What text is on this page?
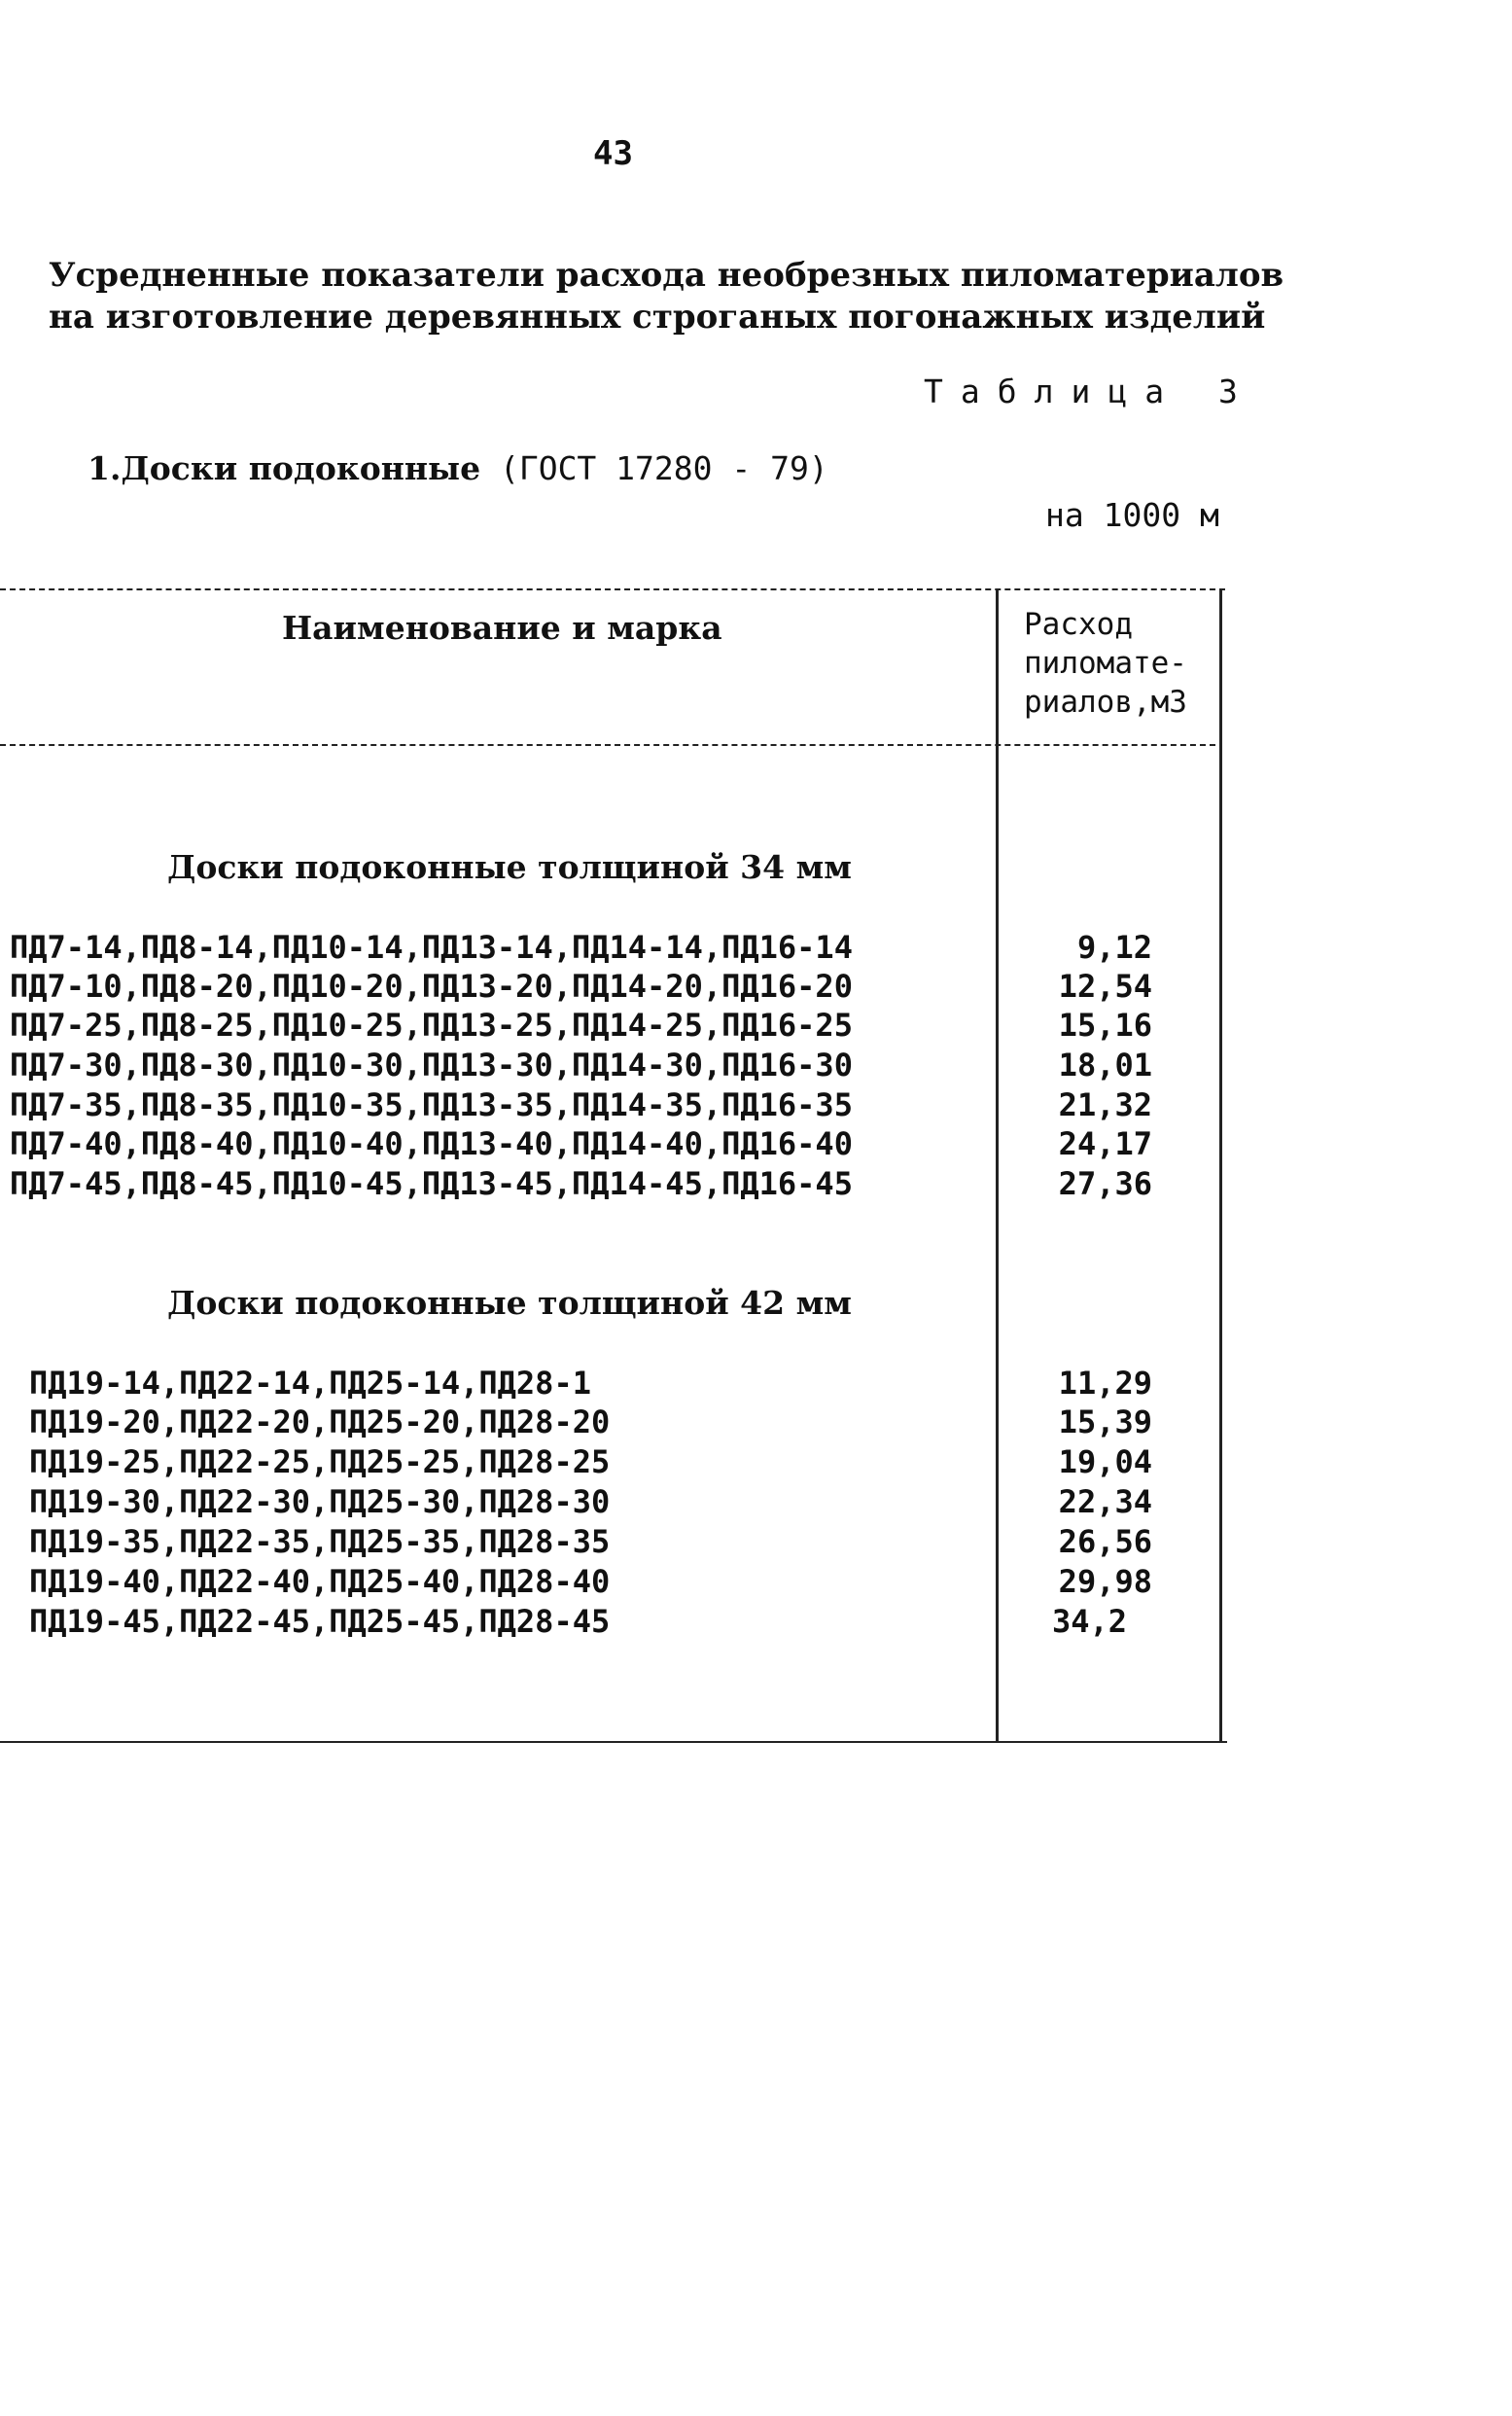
43
Усредненные показатели расхода необрезных пиломатериалов
на изготовление деревянных строганых погонажных изделий
Таблица 3
1.Доски подоконные (ГОСТ 17280 - 79)
на 1000 м
Наименование и марка	Расход
пиломате-
риалов,м3
Доски подоконные толщиной 34 мм
ПД7-14,ПД8-14,ПД10-14,ПД13-14,ПД14-14,ПД16-14	9,12
ПД7-10,ПД8-20,ПД10-20,ПД13-20,ПД14-20,ПД16-20	12,54
ПД7-25,ПД8-25,ПД10-25,ПД13-25,ПД14-25,ПД16-25	15,16
ПД7-30,ПД8-30,ПД10-30,ПД13-30,ПД14-30,ПД16-30	18,01
ПД7-35,ПД8-35,ПД10-35,ПД13-35,ПД14-35,ПД16-35	21,32
ПД7-40,ПД8-40,ПД10-40,ПД13-40,ПД14-40,ПД16-40	24,17
ПД7-45,ПД8-45,ПД10-45,ПД13-45,ПД14-45,ПД16-45	27,36
Доски подоконные толщиной 42 мм
ПД19-14,ПД22-14,ПД25-14,ПД28-1	11,29
ПД19-20,ПД22-20,ПД25-20,ПД28-20	15,39
ПД19-25,ПД22-25,ПД25-25,ПД28-25	19,04
ПД19-30,ПД22-30,ПД25-30,ПД28-30	22,34
ПД19-35,ПД22-35,ПД25-35,ПД28-35	26,56
ПД19-40,ПД22-40,ПД25-40,ПД28-40	29,98
ПД19-45,ПД22-45,ПД25-45,ПД28-45	34,2
